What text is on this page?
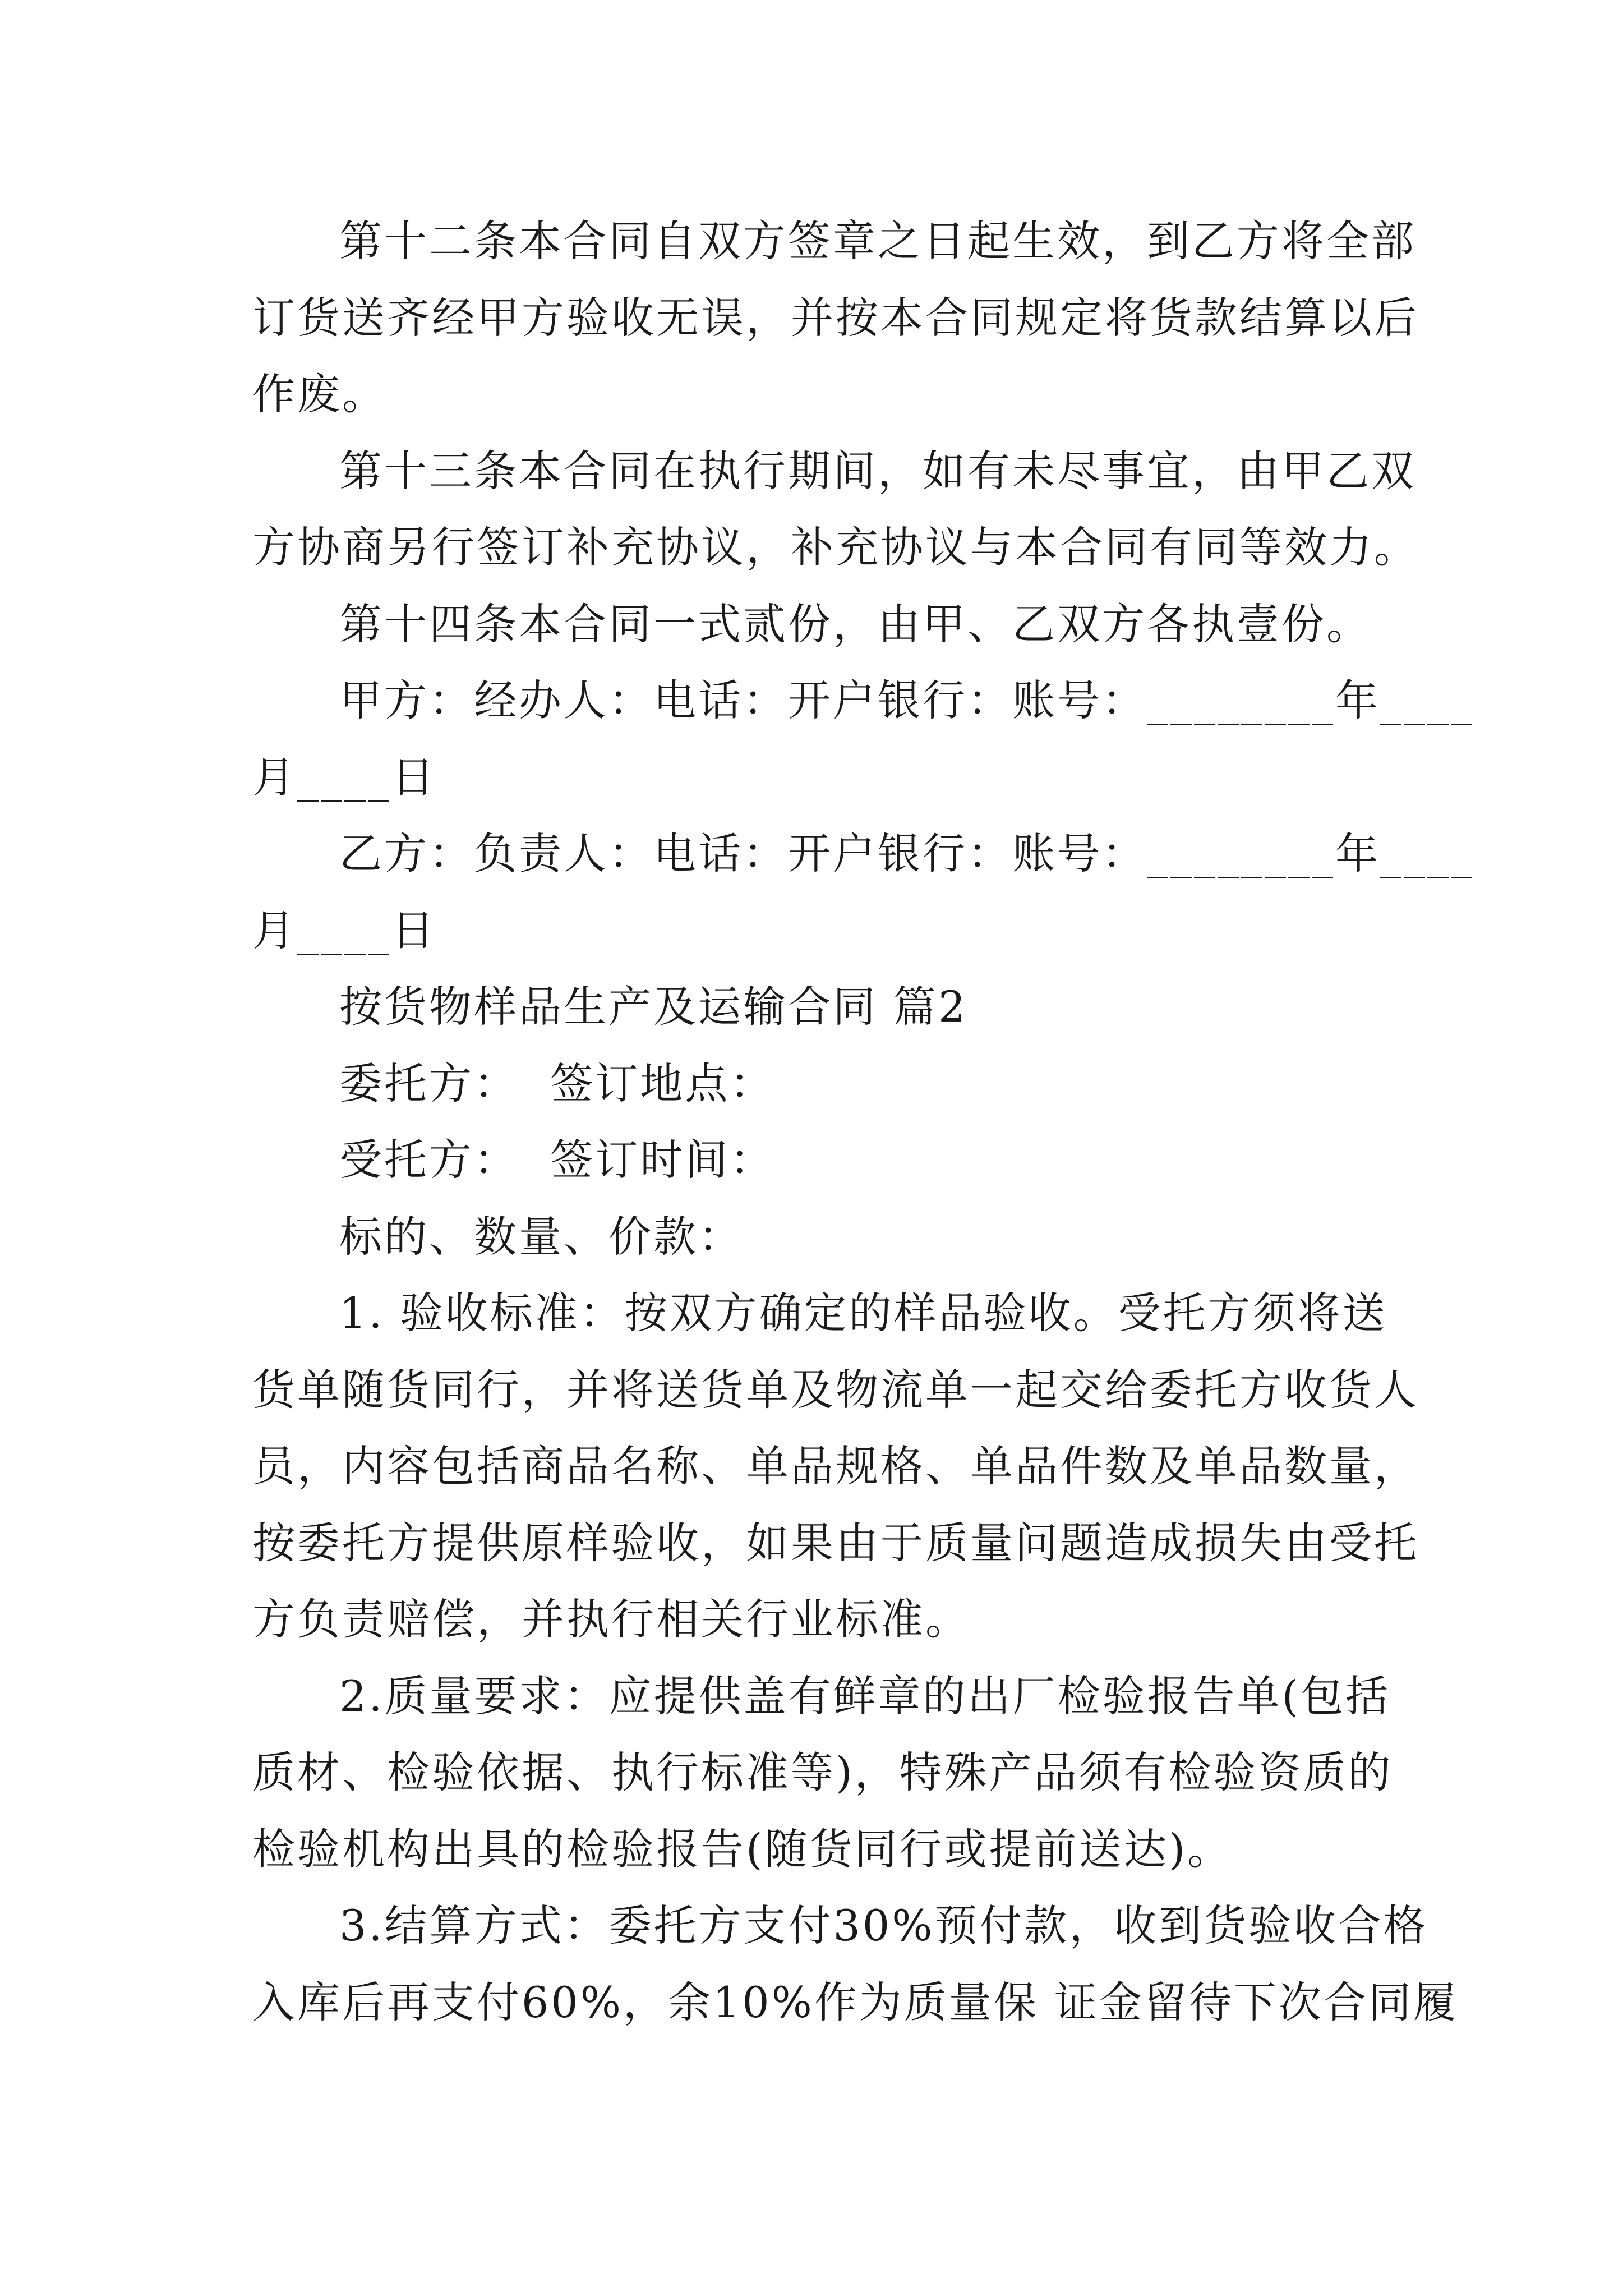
第十二条本合同自双方签章之日起生效，到乙方将全部
订货送齐经甲方验收无误，并按本合同规定将货款结算以后
作废。
第十三条本合同在执行期间，如有未尽事宜，由甲乙双
方协商另行签订补充协议，补充协议与本合同有同等效力。
第十四条本合同一式贰份，由甲、乙双方各执壹份。
甲方：经办人：电话：开户银行：账号：________年____
月____日
乙方：负责人：电话：开户银行：账号：________年____
月____日
按货物样品生产及运输合同 篇2
委托方：  签订地点：
受托方：  签订时间：
标的、数量、价款：
1. 验收标准：按双方确定的样品验收。受托方须将送
货单随货同行，并将送货单及物流单一起交给委托方收货人
员，内容包括商品名称、单品规格、单品件数及单品数量，
按委托方提供原样验收，如果由于质量问题造成损失由受托
方负责赔偿，并执行相关行业标准。
2.质量要求：应提供盖有鲜章的出厂检验报告单(包括
质材、检验依据、执行标准等)，特殊产品须有检验资质的
检验机构出具的检验报告(随货同行或提前送达)。
3.结算方式：委托方支付30%预付款，收到货验收合格
入库后再支付60%，余10%作为质量保 证金留待下次合同履
